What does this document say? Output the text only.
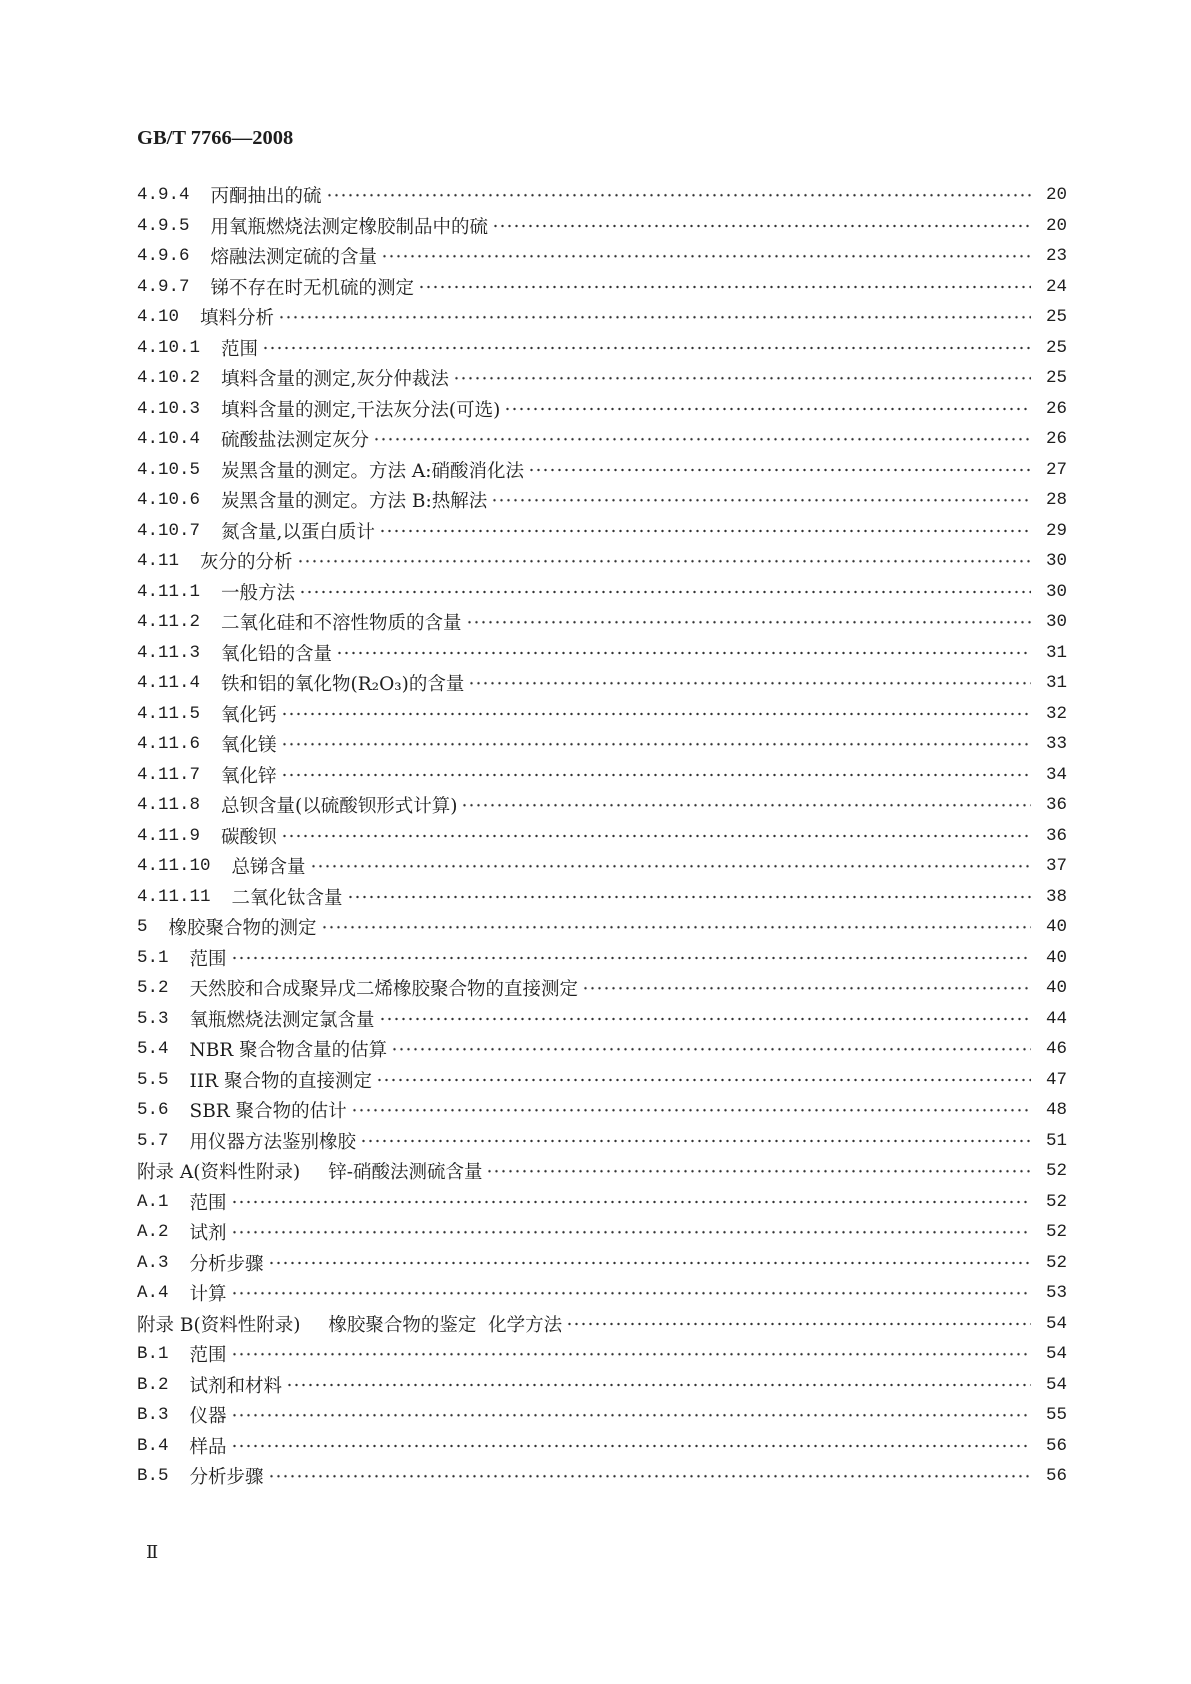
GB/T 7766—2008
4.9.4 丙酮抽出的硫	20
4.9.5 用氧瓶燃烧法测定橡胶制品中的硫	20
4.9.6 熔融法测定硫的含量	23
4.9.7 锑不存在时无机硫的测定	24
4.10 填料分析	25
4.10.1 范围	25
4.10.2 填料含量的测定,灰分仲裁法	25
4.10.3 填料含量的测定,干法灰分法(可选)	26
4.10.4 硫酸盐法测定灰分	26
4.10.5 炭黑含量的测定。方法 A:硝酸消化法	27
4.10.6 炭黑含量的测定。方法 B:热解法	28
4.10.7 氮含量,以蛋白质计	29
4.11 灰分的分析	30
4.11.1 一般方法	30
4.11.2 二氧化硅和不溶性物质的含量	30
4.11.3 氧化铅的含量	31
4.11.4 铁和铝的氧化物(R₂O₃)的含量	31
4.11.5 氧化钙	32
4.11.6 氧化镁	33
4.11.7 氧化锌	34
4.11.8 总钡含量(以硫酸钡形式计算)	36
4.11.9 碳酸钡	36
4.11.10 总锑含量	37
4.11.11 二氧化钛含量	38
5 橡胶聚合物的测定	40
5.1 范围	40
5.2 天然胶和合成聚异戊二烯橡胶聚合物的直接测定	40
5.3 氧瓶燃烧法测定氯含量	44
5.4 NBR 聚合物含量的估算	46
5.5 IIR 聚合物的直接测定	47
5.6 SBR 聚合物的估计	48
5.7 用仪器方法鉴别橡胶	51
附录 A(资料性附录) 锌-硝酸法测硫含量	52
A.1 范围	52
A.2 试剂	52
A.3 分析步骤	52
A.4 计算	53
附录 B(资料性附录) 橡胶聚合物的鉴定  化学方法	54
B.1 范围	54
B.2 试剂和材料	54
B.3 仪器	55
B.4 样品	56
B.5 分析步骤	56
Ⅱ
